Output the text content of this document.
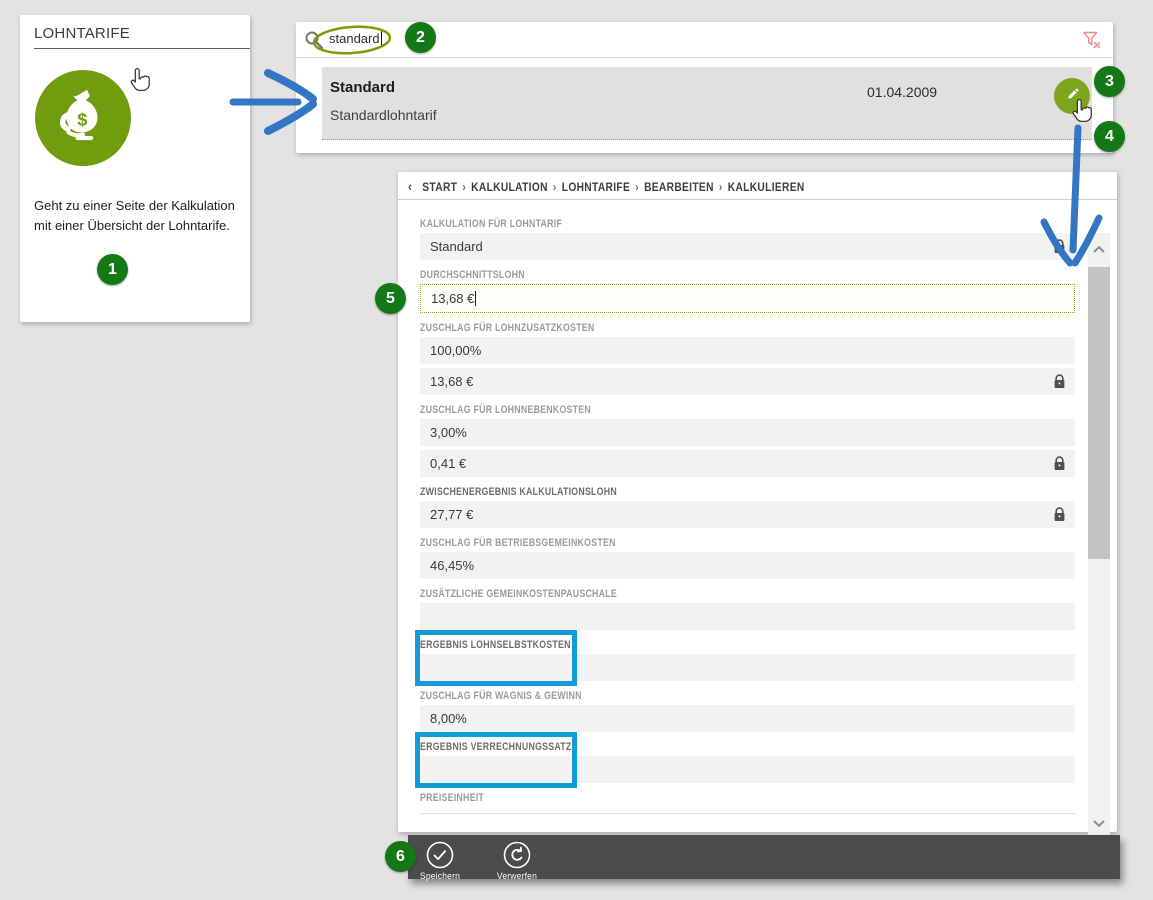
LOHNTARIFE
$
Geht zu einer Seite der Kalkulation mit einer Übersicht der Lohntarife.
standard
Standard
Standardlohntarif
01.04.2009
‹ START › KALKULATION › LOHNTARIFE › BEARBEITEN › KALKULIEREN
KALKULATION FÜR LOHNTARIF
Standard
DURCHSCHNITTSLOHN
13,68 €
5
ZUSCHLAG FÜR LOHNZUSATZKOSTEN
100,00%
13,68 €
ZUSCHLAG FÜR LOHNNEBENKOSTEN
3,00%
0,41 €
ZWISCHENERGEBNIS KALKULATIONSLOHN
27,77 €
ZUSCHLAG FÜR BETRIEBSGEMEINKOSTEN
46,45%
ZUSÄTZLICHE GEMEINKOSTENPAUSCHALE
ERGEBNIS LOHNSELBSTKOSTEN
ZUSCHLAG FÜR WAGNIS & GEWINN
8,00%
ERGEBNIS VERRECHNUNGSSATZ
PREISEINHEIT
Speichern	Verwerfen
1
2
3
4
6
